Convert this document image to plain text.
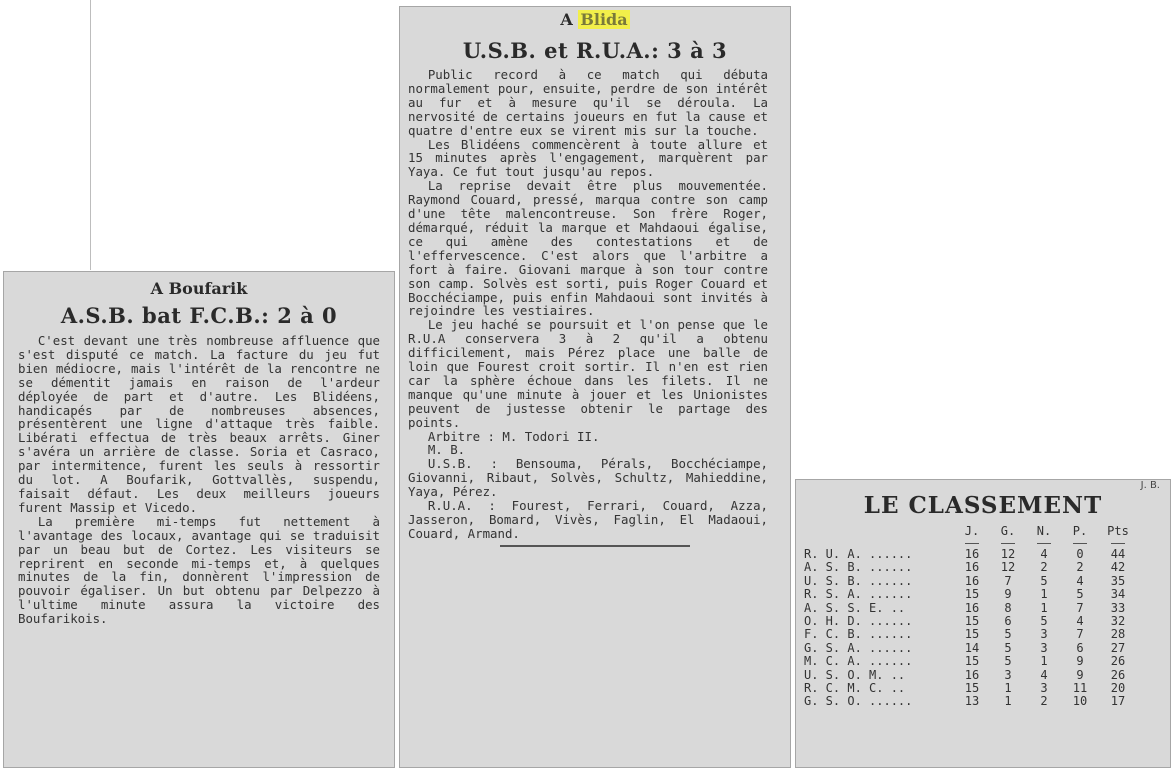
A Boufarik
A.S.B. bat F.C.B.: 2 à 0

C'est devant une très nombreuse affluence que s'est disputé ce match. La facture du jeu fut bien médiocre, mais l'intérêt de la rencontre ne se démentit jamais en raison de l'ardeur déployée de part et d'autre. Les Blidéens, handicapés par de nombreuses absences, présentèrent une ligne d'attaque très faible. Libérati effectua de très beaux arrêts. Giner s'avéra un arrière de classe. Soria et Casraco, par intermitence, furent les seuls à ressortir du lot. A Boufarik, Gottvallès, suspendu, faisait défaut. Les deux meilleurs joueurs furent Massip et Vicedo.

La première mi-temps fut nettement à l'avantage des locaux, avantage qui se traduisit par un beau but de Cortez. Les visiteurs se reprirent en seconde mi-temps et, à quelques minutes de la fin, donnèrent l'impression de pouvoir égaliser. Un but obtenu par Delpezzo à l'ultime minute assura la victoire des Boufarikois.

A Blida
U.S.B. et R.U.A.: 3 à 3

Public record à ce match qui débuta normalement pour, ensuite, perdre de son intérêt au fur et à mesure qu'il se déroula. La nervosité de certains joueurs en fut la cause et quatre d'entre eux se virent mis sur la touche.

Les Blidéens commencèrent à toute allure et 15 minutes après l'engagement, marquèrent par Yaya. Ce fut tout jusqu'au repos.

La reprise devait être plus mouvementée. Raymond Couard, pressé, marqua contre son camp d'une tête malencontreuse. Son frère Roger, démarqué, réduit la marque et Mahdaoui égalise, ce qui amène des contestations et de l'effervescence. C'est alors que l'arbitre a fort à faire. Giovani marque à son tour contre son camp. Solvès est sorti, puis Roger Couard et Bocchéciampe, puis enfin Mahdaoui sont invités à rejoindre les vestiaires.

Le jeu haché se poursuit et l'on pense que le R.U.A conservera 3 à 2 qu'il a obtenu difficilement, mais Pérez place une balle de loin que Fourest croit sortir. Il n'en est rien car la sphère échoue dans les filets. Il ne manque qu'une minute à jouer et les Unionistes peuvent de justesse obtenir le partage des points.

Arbitre : M. Todori II.

M. B.

U.S.B. : Bensouma, Pérals, Bocchéciampe, Giovanni, Ribaut, Solvès, Schultz, Mahieddine, Yaya, Pérez.

R.U.A. : Fourest, Ferrari, Couard, Azza, Jasseron, Bomard, Vivès, Faglin, El Madaoui, Couard, Armand.

J. B.
LE CLASSEMENT
	J.	G.	N.	P.	Pts

R. U. A. ......	16	12	4	0	44
A. S. B. ......	16	12	2	2	42
U. S. B. ......	16	7	5	4	35
R. S. A. ......	15	9	1	5	34
A. S. S. E. ..	16	8	1	7	33
O. H. D. ......	15	6	5	4	32
F. C. B. ......	15	5	3	7	28
G. S. A. ......	14	5	3	6	27
M. C. A. ......	15	5	1	9	26
U. S. O. M. ..	16	3	4	9	26
R. C. M. C. ..	15	1	3	11	20
G. S. O. ......	13	1	2	10	17
